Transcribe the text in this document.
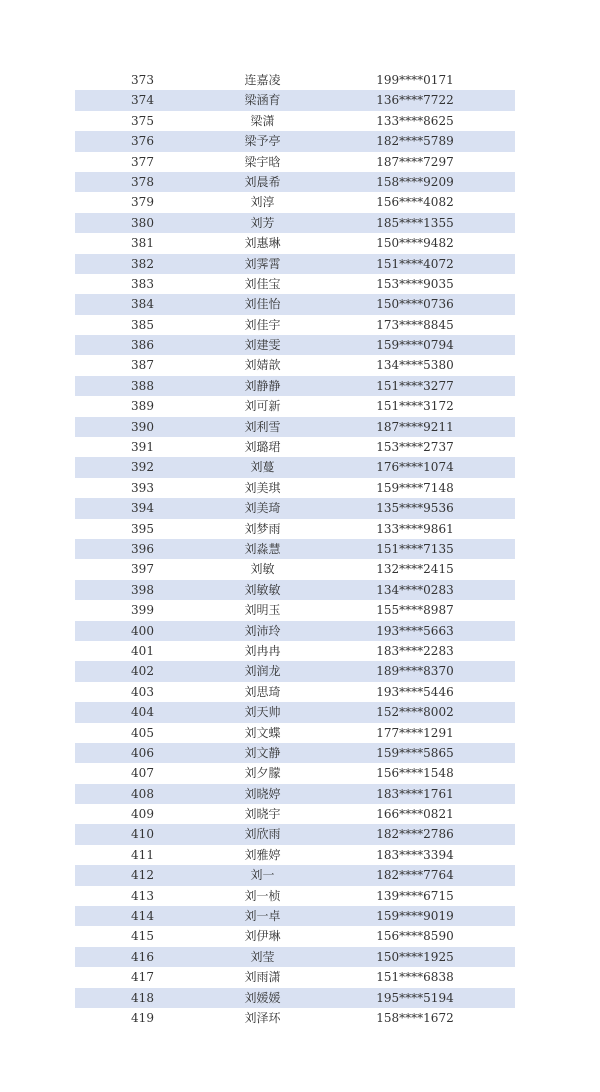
373	连嘉凌	199****0171
374	梁涵育	136****7722
375	梁潇	133****8625
376	梁予亭	182****5789
377	梁宇晗	187****7297
378	刘晨希	158****9209
379	刘淳	156****4082
380	刘芳	185****1355
381	刘惠琳	150****9482
382	刘霁霄	151****4072
383	刘佳宝	153****9035
384	刘佳怡	150****0736
385	刘佳宇	173****8845
386	刘建雯	159****0794
387	刘婧歆	134****5380
388	刘静静	151****3277
389	刘可新	151****3172
390	刘利雪	187****9211
391	刘璐珺	153****2737
392	刘蔓	176****1074
393	刘美琪	159****7148
394	刘美琦	135****9536
395	刘梦雨	133****9861
396	刘淼慧	151****7135
397	刘敏	132****2415
398	刘敏敏	134****0283
399	刘明玉	155****8987
400	刘沛玲	193****5663
401	刘冉冉	183****2283
402	刘润龙	189****8370
403	刘思琦	193****5446
404	刘天帅	152****8002
405	刘文蝶	177****1291
406	刘文静	159****5865
407	刘夕朦	156****1548
408	刘晓婷	183****1761
409	刘晓宇	166****0821
410	刘欣雨	182****2786
411	刘雅婷	183****3394
412	刘一	182****7764
413	刘一桢	139****6715
414	刘一卓	159****9019
415	刘伊琳	156****8590
416	刘莹	150****1925
417	刘雨潇	151****6838
418	刘媛媛	195****5194
419	刘泽环	158****1672
